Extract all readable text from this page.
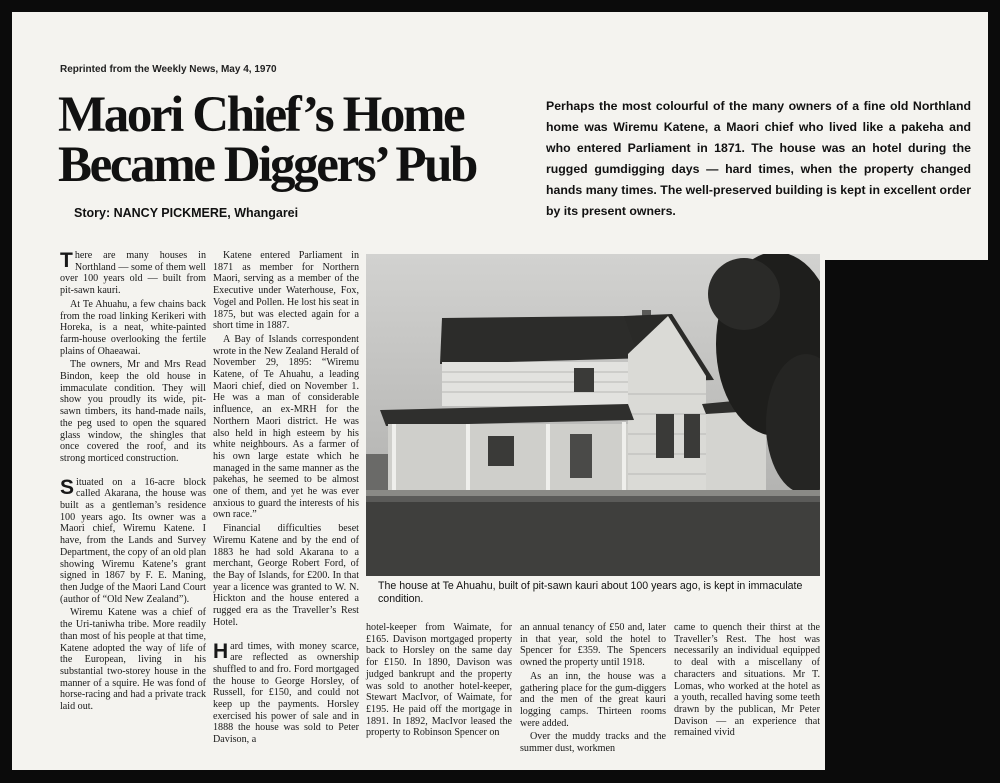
Reprinted from the Weekly News, May 4, 1970
Maori Chief’s Home
Became Diggers’ Pub
Story: NANCY PICKMERE, Whangarei

Perhaps the most colourful of the many owners of a fine old Northland home was Wiremu Katene, a Maori chief who lived like a pakeha and who entered Parliament in 1871. The house was an hotel during the rugged gumdigging days — hard times, when the property changed hands many times. The well-preserved building is kept in excellent order by its present owners.

There are many houses in Northland — some of them well over 100 years old — built from pit-sawn kauri.

At Te Ahuahu, a few chains back from the road linking Kerikeri with Horeka, is a neat, white-painted farm-house overlooking the fertile plains of Ohaeawai.

The owners, Mr and Mrs Read Bindon, keep the old house in immaculate condition. They will show you proudly its wide, pit-sawn timbers, its hand-made nails, the peg used to open the squared glass window, the shingles that once covered the roof, and its strong morticed construction.

Situated on a 16-acre block called Akarana, the house was built as a gentleman’s residence 100 years ago. Its owner was a Maori chief, Wiremu Katene. I have, from the Lands and Survey Department, the copy of an old plan showing Wiremu Katene’s grant signed in 1867 by F. E. Maning, then Judge of the Maori Land Court (author of “Old New Zealand”).

Wiremu Katene was a chief of the Uri-taniwha tribe. More readily than most of his people at that time, Katene adopted the way of life of the European, living in his substantial two-storey house in the manner of a squire. He was fond of horse-racing and had a private track laid out.

Katene entered Parliament in 1871 as member for Northern Maori, serving as a member of the Executive under Waterhouse, Fox, Vogel and Pollen. He lost his seat in 1875, but was elected again for a short time in 1887.

A Bay of Islands correspondent wrote in the New Zealand Herald of November 29, 1895: “Wiremu Katene, of Te Ahuahu, a leading Maori chief, died on November 1. He was a man of considerable influence, an ex-MRH for the Northern Maori district. He was also held in high esteem by his white neighbours. As a farmer of his own large estate which he managed in the same manner as the pakehas, he seemed to be almost one of them, and yet he was ever anxious to guard the interests of his own race.”

Financial difficulties beset Wiremu Katene and by the end of 1883 he had sold Akarana to a merchant, George Robert Ford, of the Bay of Islands, for £200. In that year a licence was granted to W. N. Hickton and the house entered a rugged era as the Traveller’s Rest Hotel.

Hard times, with money scarce, are reflected as ownership shuffled to and fro. Ford mortgaged the house to George Horsley, of Russell, for £150, and could not keep up the payments. Horsley exercised his power of sale and in 1888 the house was sold to Peter Davison, a

The house at Te Ahuahu, built of pit-sawn kauri about 100 years ago, is kept in immaculate condition.

hotel-keeper from Waimate, for £165. Davison mortgaged property back to Horsley on the same day for £150. In 1890, Davison was judged bankrupt and the property was sold to another hotel-keeper, Stewart MacIvor, of Waimate, for £195. He paid off the mortgage in 1891. In 1892, MacIvor leased the property to Robinson Spencer on

an annual tenancy of £50 and, later in that year, sold the hotel to Spencer for £359. The Spencers owned the property until 1918.

As an inn, the house was a gathering place for the gum-diggers and the men of the great kauri logging camps. Thirteen rooms were added.

Over the muddy tracks and the summer dust, workmen

came to quench their thirst at the Traveller’s Rest. The host was necessarily an individual equipped to deal with a miscellany of characters and situations. Mr T. Lomas, who worked at the hotel as a youth, recalled having some teeth drawn by the publican, Mr Peter Davison — an experience that remained vivid
